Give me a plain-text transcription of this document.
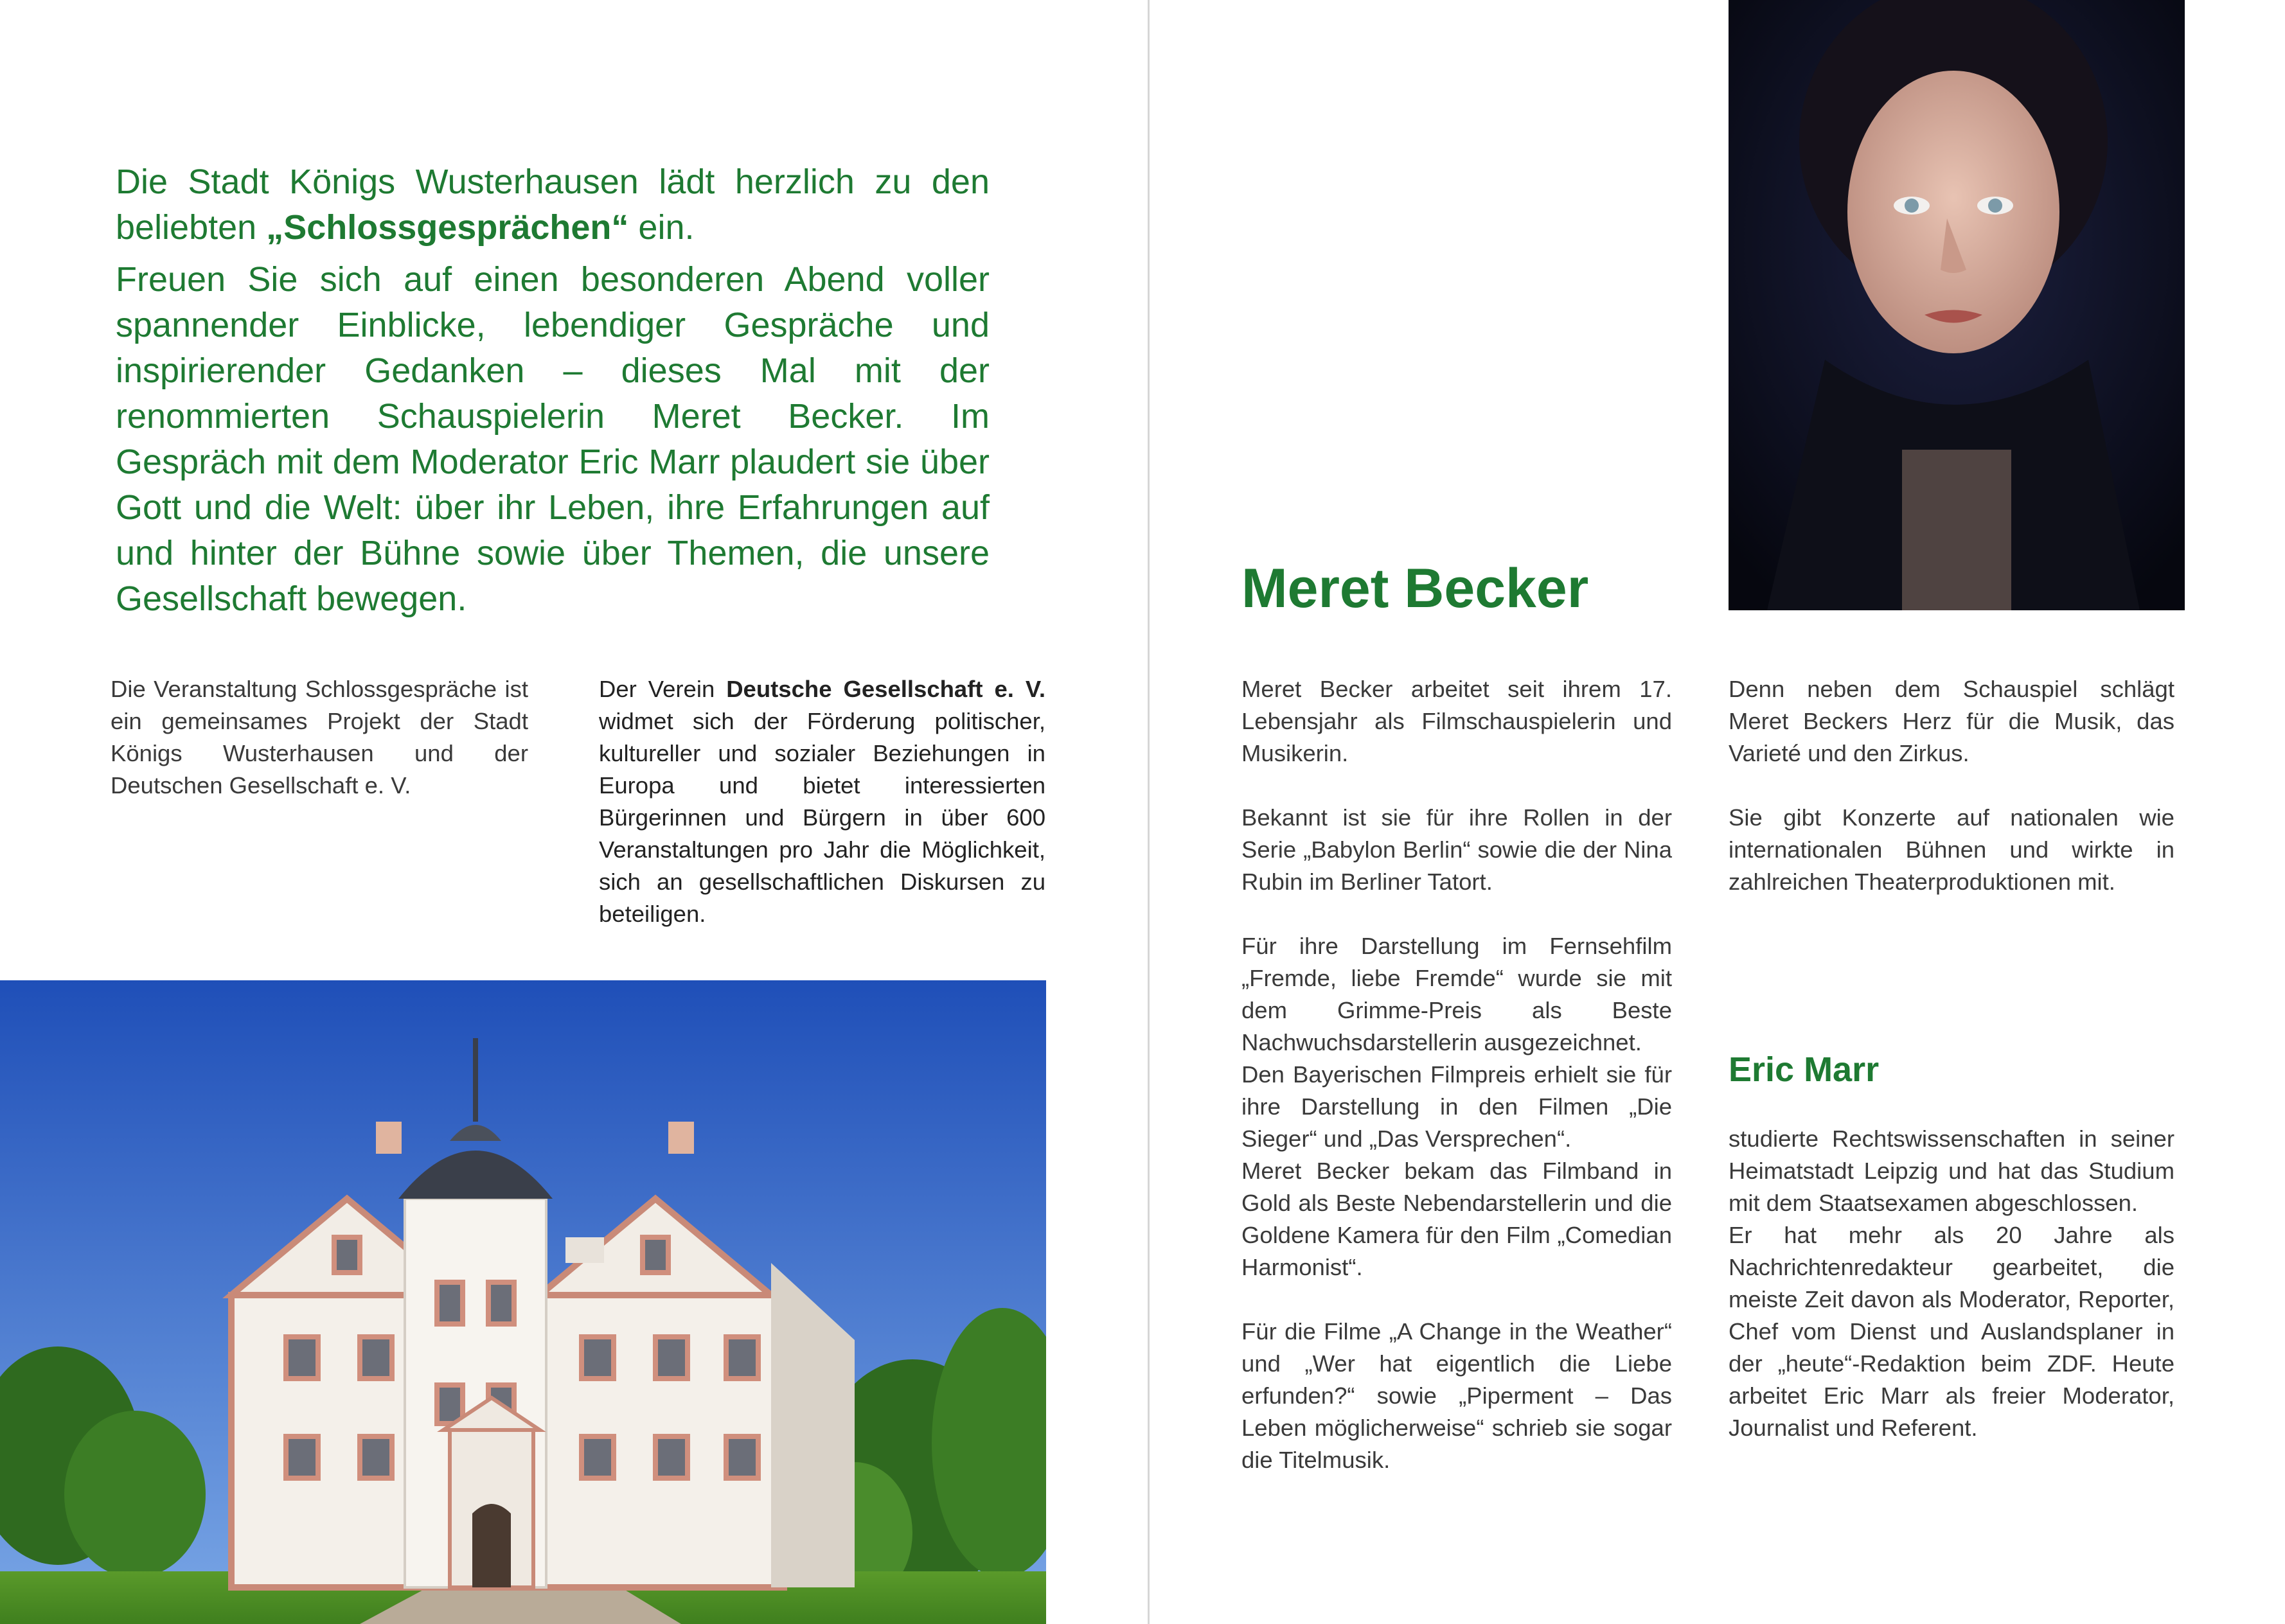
Die Stadt Königs Wusterhausen lädt herzlich zu den beliebten „Schlossgesprächen“ ein.

Freuen Sie sich auf einen besonderen Abend voller spannender Einblicke, lebendiger Gespräche und inspirierender Gedanken – dieses Mal mit der renommierten Schauspielerin Meret Becker. Im Gespräch mit dem Moderator Eric Marr plaudert sie über Gott und die Welt: über ihr Leben, ihre Erfahrungen auf und hinter der Bühne sowie über Themen, die unsere Gesellschaft bewegen.

Die Veranstaltung Schlossgespräche ist ein gemeinsames Projekt der Stadt Königs Wusterhausen und der Deutschen Gesellschaft e. V.

Der Verein Deutsche Gesellschaft e. V. widmet sich der Förderung politischer, kultureller und sozialer Beziehungen in Europa und bietet interessierten Bürgerinnen und Bürgern in über 600 Veranstaltungen pro Jahr die Möglichkeit, sich an gesellschaftlichen Diskursen zu beteiligen.

Meret Becker
Eric Marr

Meret Becker arbeitet seit ihrem 17. Lebensjahr als Filmschauspielerin und Musikerin.

Bekannt ist sie für ihre Rollen in der Serie „Babylon Berlin“ sowie die der Nina Rubin im Berliner Tatort.

Für ihre Darstellung im Fernsehfilm „Fremde, liebe Fremde“ wurde sie mit dem Grimme-Preis als Beste Nachwuchsdarstellerin ausgezeichnet.

Den Bayerischen Filmpreis erhielt sie für ihre Darstellung in den Filmen „Die Sieger“ und „Das Versprechen“.

Meret Becker bekam das Filmband in Gold als Beste Nebendarstellerin und die Goldene Kamera für den Film „Comedian Harmonist“.

Für die Filme „A Change in the Weather“ und „Wer hat eigentlich die Liebe erfunden?“ sowie „Piperment – Das Leben möglicherweise“ schrieb sie sogar die Titelmusik.

Denn neben dem Schauspiel schlägt Meret Beckers Herz für die Musik, das Varieté und den Zirkus.

Sie gibt Konzerte auf nationalen wie internationalen Bühnen und wirkte in zahlreichen Theaterproduktionen mit.

studierte Rechtswissenschaften in seiner Heimatstadt Leipzig und hat das Studium mit dem Staatsexamen abgeschlossen.

Er hat mehr als 20 Jahre als Nachrichtenredakteur gearbeitet, die meiste Zeit davon als Moderator, Reporter, Chef vom Dienst und Auslandsplaner in der „heute“-Redaktion beim ZDF. Heute arbeitet Eric Marr als freier Moderator, Journalist und Referent.
